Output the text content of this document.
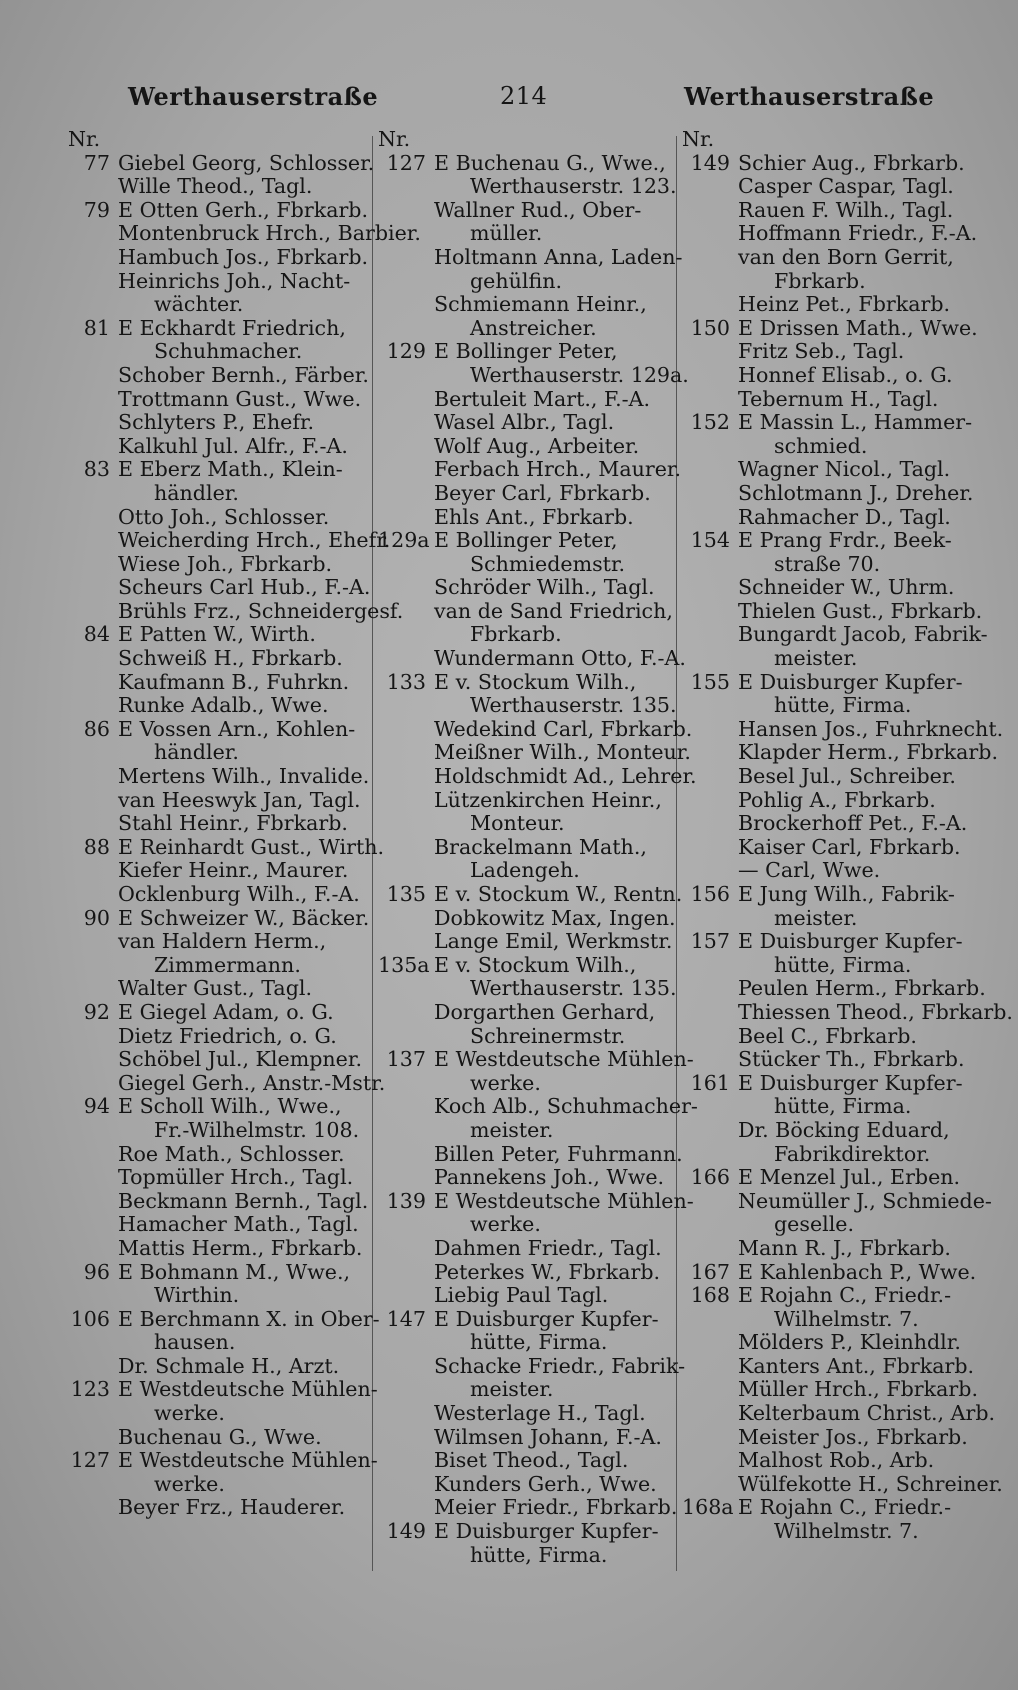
Werthauserstraße	214	Werthauserstraße
Nr.
77 Giebel Georg, Schlosser.
Wille Theod., Tagl.
79 E Otten Gerh., Fbrkarb.
Montenbruck Hrch., Barbier.
Hambuch Jos., Fbrkarb.
Heinrichs Joh., Nacht-
wächter.
81 E Eckhardt Friedrich,
Schuhmacher.
Schober Bernh., Färber.
Trottmann Gust., Wwe.
Schlyters P., Ehefr.
Kalkuhl Jul. Alfr., F.-A.
83 E Eberz Math., Klein-
händler.
Otto Joh., Schlosser.
Weicherding Hrch., Ehefr.
Wiese Joh., Fbrkarb.
Scheurs Carl Hub., F.-A.
Brühls Frz., Schneidergesf.
84 E Patten W., Wirth.
Schweiß H., Fbrkarb.
Kaufmann B., Fuhrkn.
Runke Adalb., Wwe.
86 E Vossen Arn., Kohlen-
händler.
Mertens Wilh., Invalide.
van Heeswyk Jan, Tagl.
Stahl Heinr., Fbrkarb.
88 E Reinhardt Gust., Wirth.
Kiefer Heinr., Maurer.
Ocklenburg Wilh., F.-A.
90 E Schweizer W., Bäcker.
van Haldern Herm.,
Zimmermann.
Walter Gust., Tagl.
92 E Giegel Adam, o. G.
Dietz Friedrich, o. G.
Schöbel Jul., Klempner.
Giegel Gerh., Anstr.-Mstr.
94 E Scholl Wilh., Wwe.,
Fr.-Wilhelmstr. 108.
Roe Math., Schlosser.
Topmüller Hrch., Tagl.
Beckmann Bernh., Tagl.
Hamacher Math., Tagl.
Mattis Herm., Fbrkarb.
96 E Bohmann M., Wwe.,
Wirthin.
106 E Berchmann X. in Ober-
hausen.
Dr. Schmale H., Arzt.
123 E Westdeutsche Mühlen-
werke.
Buchenau G., Wwe.
127 E Westdeutsche Mühlen-
werke.
Beyer Frz., Hauderer.
Nr.
127 E Buchenau G., Wwe.,
Werthauserstr. 123.
Wallner Rud., Ober-
müller.
Holtmann Anna, Laden-
gehülfin.
Schmiemann Heinr.,
Anstreicher.
129 E Bollinger Peter,
Werthauserstr. 129a.
Bertuleit Mart., F.-A.
Wasel Albr., Tagl.
Wolf Aug., Arbeiter.
Ferbach Hrch., Maurer.
Beyer Carl, Fbrkarb.
Ehls Ant., Fbrkarb.
129a E Bollinger Peter,
Schmiedemstr.
Schröder Wilh., Tagl.
van de Sand Friedrich,
Fbrkarb.
Wundermann Otto, F.-A.
133 E v. Stockum Wilh.,
Werthauserstr. 135.
Wedekind Carl, Fbrkarb.
Meißner Wilh., Monteur.
Holdschmidt Ad., Lehrer.
Lützenkirchen Heinr.,
Monteur.
Brackelmann Math.,
Ladengeh.
135 E v. Stockum W., Rentn.
Dobkowitz Max, Ingen.
Lange Emil, Werkmstr.
135a E v. Stockum Wilh.,
Werthauserstr. 135.
Dorgarthen Gerhard,
Schreinermstr.
137 E Westdeutsche Mühlen-
werke.
Koch Alb., Schuhmacher-
meister.
Billen Peter, Fuhrmann.
Pannekens Joh., Wwe.
139 E Westdeutsche Mühlen-
werke.
Dahmen Friedr., Tagl.
Peterkes W., Fbrkarb.
Liebig Paul Tagl.
147 E Duisburger Kupfer-
hütte, Firma.
Schacke Friedr., Fabrik-
meister.
Westerlage H., Tagl.
Wilmsen Johann, F.-A.
Biset Theod., Tagl.
Kunders Gerh., Wwe.
Meier Friedr., Fbrkarb.
149 E Duisburger Kupfer-
hütte, Firma.
Nr.
149 Schier Aug., Fbrkarb.
Casper Caspar, Tagl.
Rauen F. Wilh., Tagl.
Hoffmann Friedr., F.-A.
van den Born Gerrit,
Fbrkarb.
Heinz Pet., Fbrkarb.
150 E Drissen Math., Wwe.
Fritz Seb., Tagl.
Honnef Elisab., o. G.
Tebernum H., Tagl.
152 E Massin L., Hammer-
schmied.
Wagner Nicol., Tagl.
Schlotmann J., Dreher.
Rahmacher D., Tagl.
154 E Prang Frdr., Beek-
straße 70.
Schneider W., Uhrm.
Thielen Gust., Fbrkarb.
Bungardt Jacob, Fabrik-
meister.
155 E Duisburger Kupfer-
hütte, Firma.
Hansen Jos., Fuhrknecht.
Klapder Herm., Fbrkarb.
Besel Jul., Schreiber.
Pohlig A., Fbrkarb.
Brockerhoff Pet., F.-A.
Kaiser Carl, Fbrkarb.
— Carl, Wwe.
156 E Jung Wilh., Fabrik-
meister.
157 E Duisburger Kupfer-
hütte, Firma.
Peulen Herm., Fbrkarb.
Thiessen Theod., Fbrkarb.
Beel C., Fbrkarb.
Stücker Th., Fbrkarb.
161 E Duisburger Kupfer-
hütte, Firma.
Dr. Böcking Eduard,
Fabrikdirektor.
166 E Menzel Jul., Erben.
Neumüller J., Schmiede-
geselle.
Mann R. J., Fbrkarb.
167 E Kahlenbach P., Wwe.
168 E Rojahn C., Friedr.-
Wilhelmstr. 7.
Mölders P., Kleinhdlr.
Kanters Ant., Fbrkarb.
Müller Hrch., Fbrkarb.
Kelterbaum Christ., Arb.
Meister Jos., Fbrkarb.
Malhost Rob., Arb.
Wülfekotte H., Schreiner.
168a E Rojahn C., Friedr.-
Wilhelmstr. 7.
